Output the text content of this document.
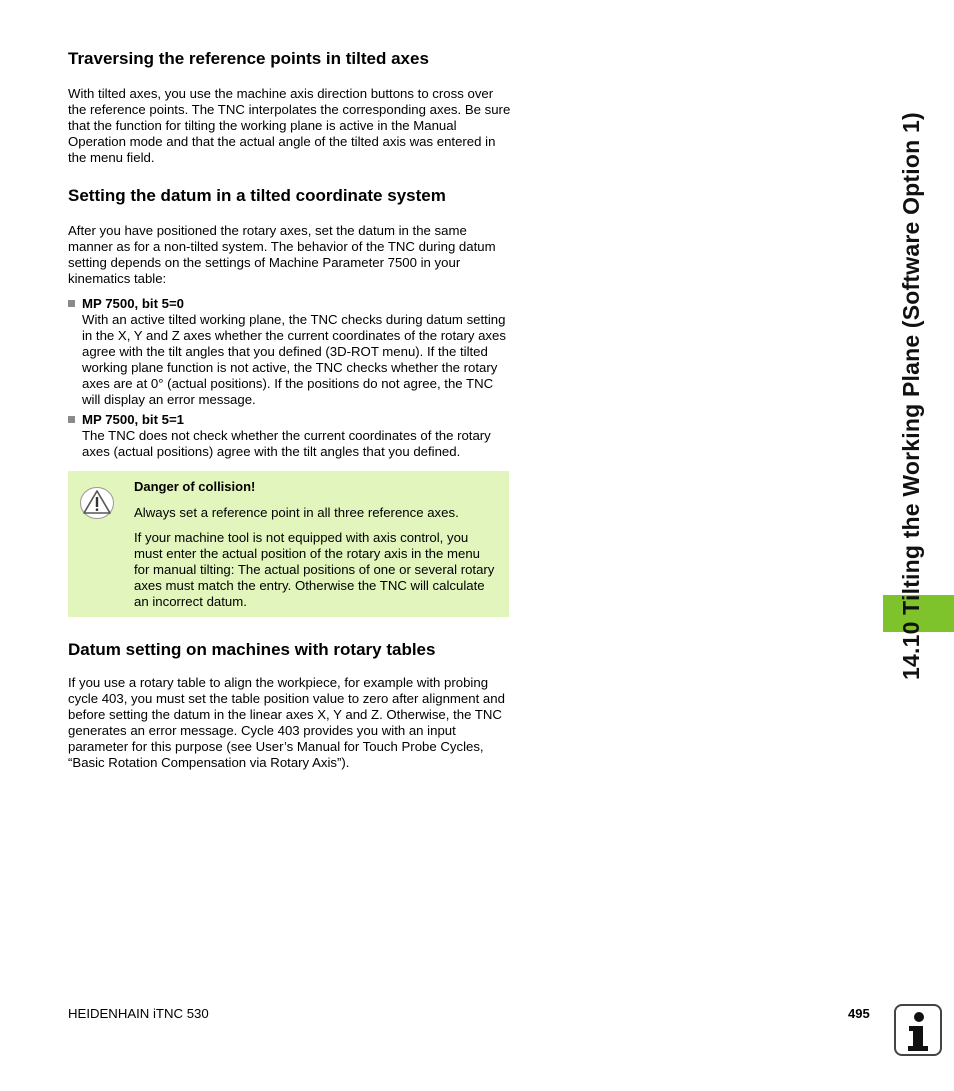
Traversing the reference points in tilted axes

With tilted axes, you use the machine axis direction buttons to cross over the reference points. The TNC interpolates the corresponding axes. Be sure that the function for tilting the working plane is active in the Manual Operation mode and that the actual angle of the tilted axis was entered in the menu field.

Setting the datum in a tilted coordinate system

After you have positioned the rotary axes, set the datum in the same manner as for a non-tilted system. The behavior of the TNC during datum setting depends on the settings of Machine Parameter 7500 in your kinematics table:

MP 7500, bit 5=0
With an active tilted working plane, the TNC checks during datum setting in the X, Y and Z axes whether the current coordinates of the rotary axes agree with the tilt angles that you defined (3D-ROT menu). If the tilted working plane function is not active, the TNC checks whether the rotary axes are at 0° (actual positions). If the positions do not agree, the TNC will display an error message.
MP 7500, bit 5=1
The TNC does not check whether the current coordinates of the rotary axes (actual positions) agree with the tilt angles that you defined.
Danger of collision!

Always set a reference point in all three reference axes.

If your machine tool is not equipped with axis control, you must enter the actual position of the rotary axis in the menu for manual tilting: The actual positions of one or several rotary axes must match the entry. Otherwise the TNC will calculate an incorrect datum.

Datum setting on machines with rotary tables

If you use a rotary table to align the workpiece, for example with probing cycle 403, you must set the table position value to zero after alignment and before setting the datum in the linear axes X, Y and Z. Otherwise, the TNC generates an error message. Cycle 403 provides you with an input parameter for this purpose (see User’s Manual for Touch Probe Cycles, “Basic Rotation Compensation via Rotary Axis”).

14.10 Tilting the Working Plane (Software Option 1)
HEIDENHAIN iTNC 530	495
